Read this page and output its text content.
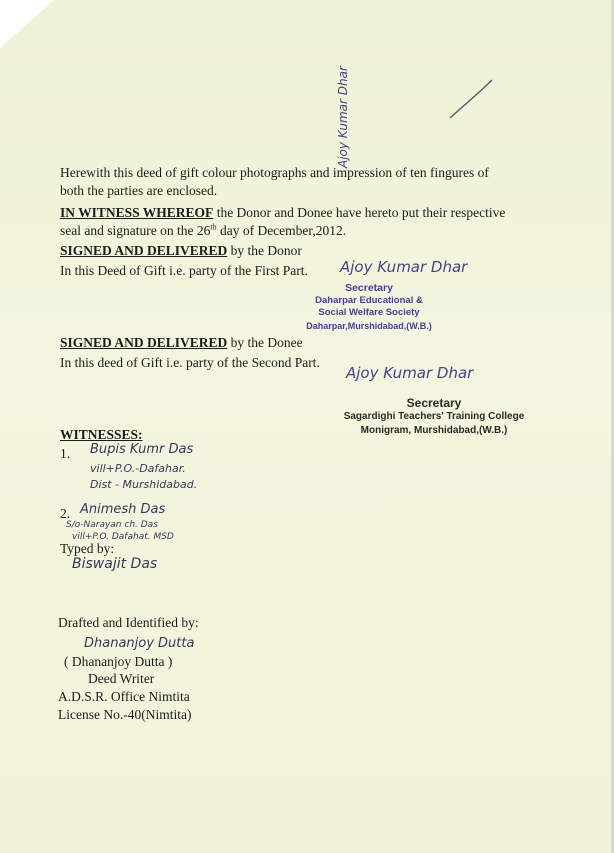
Ajoy Kumar Dhar
Herewith this deed of gift colour photographs and impression of ten fingures of
both the parties are enclosed.
IN WITNESS WHEREOF the Donor and Donee have hereto put their respective
seal and signature on the 26th day of December,2012.
SIGNED AND DELIVERED by the Donor
In this Deed of Gift i.e. party of the First Part. Ajoy Kumar Dhar
Secretary
Daharpar Educational &
Social Welfare Society
Daharpar,Murshidabad,(W.B.)
SIGNED AND DELIVERED by the Donee
In this deed of Gift i.e. party of the Second Part.
Ajoy Kumar Dhar
Secretary
Sagardighi Teachers' Training College
Monigram, Murshidabad,(W.B.)
WITNESSES:
1. Bupis Kumr Das
vill+P.O.-Dafahar.
Dist - Murshidabad.
2. Animesh Das
S/o-Narayan ch. Das
vill+P.O. Dafahat. MSD
Typed by:
Biswajit Das
Drafted and Identified by:
Dhananjoy Dutta
( Dhananjoy Dutta )
Deed Writer
A.D.S.R. Office Nimtita
License No.-40(Nimtita)
